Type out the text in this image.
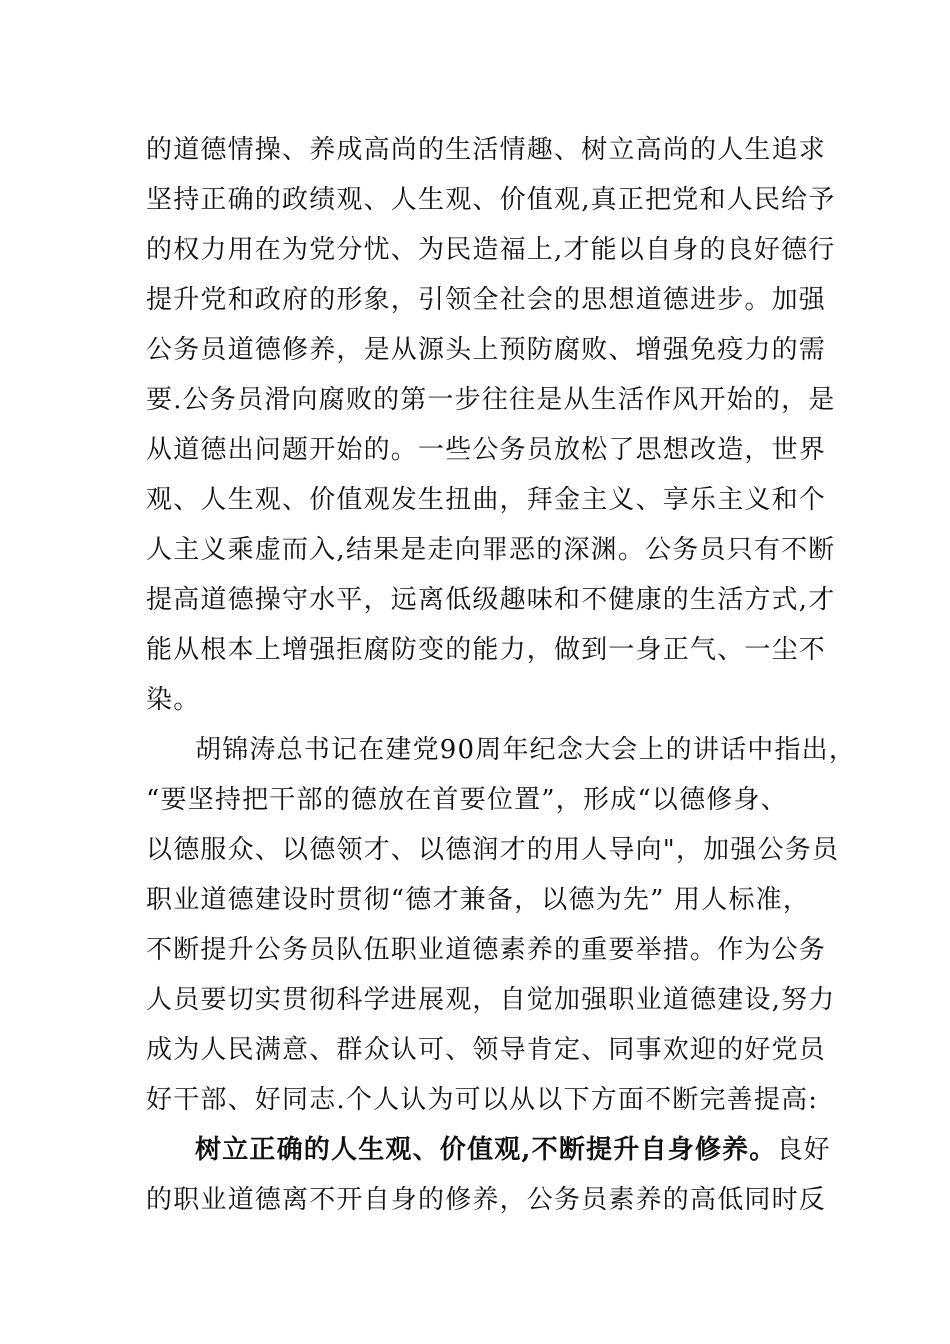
的道德情操、养成高尚的生活情趣、树立高尚的人生追求
坚持正确的政绩观、人生观、价值观,真正把党和人民给予
的权力用在为党分忧、为民造福上,才能以自身的良好德行
提升党和政府的形象，引领全社会的思想道德进步。加强
公务员道德修养，是从源头上预防腐败、增强免疫力的需
要.公务员滑向腐败的第一步往往是从生活作风开始的，是
从道德出问题开始的。一些公务员放松了思想改造，世界
观、人生观、价值观发生扭曲，拜金主义、享乐主义和个
人主义乘虚而入,结果是走向罪恶的深渊。公务员只有不断
提高道德操守水平，远离低级趣味和不健康的生活方式,才
能从根本上增强拒腐防变的能力，做到一身正气、一尘不
染。
胡锦涛总书记在建党90周年纪念大会上的讲话中指出，
“要坚持把干部的德放在首要位置”，形成“以德修身、
以德服众、以德领才、以德润才的用人导向"，加强公务员
职业道德建设时贯彻“德才兼备，以德为先” 用人标准，
不断提升公务员队伍职业道德素养的重要举措。作为公务
人员要切实贯彻科学进展观，自觉加强职业道德建设,努力
成为人民满意、群众认可、领导肯定、同事欢迎的好党员
好干部、好同志.个人认为可以从以下方面不断完善提高:
树立正确的人生观、价值观,不断提升自身修养。良好
的职业道德离不开自身的修养，公务员素养的高低同时反
